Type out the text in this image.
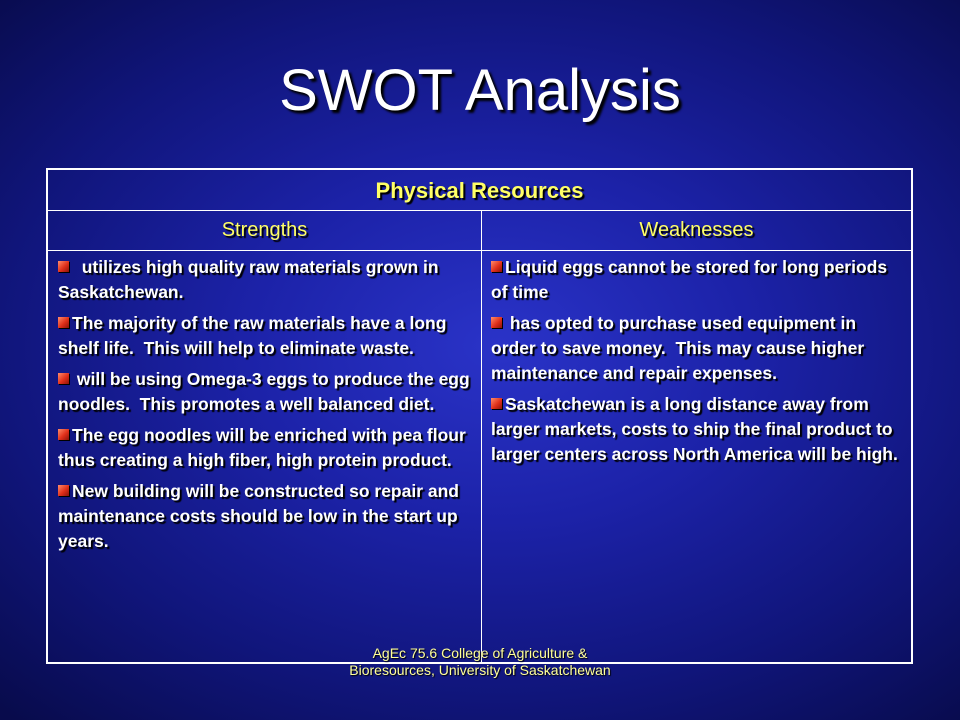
SWOT Analysis
Physical Resources
Strengths	Weaknesses
utilizes high quality raw materials grown in Saskatchewan.
The majority of the raw materials have a long shelf life.  This will help to eliminate waste.
will be using Omega-3 eggs to produce the egg noodles.  This promotes a well balanced diet.
The egg noodles will be enriched with pea flour thus creating a high fiber, high protein product.
New building will be constructed so repair and maintenance costs should be low in the start up years.
Liquid eggs cannot be stored for long periods of time
has opted to purchase used equipment in order to save money.  This may cause higher maintenance and repair expenses.
Saskatchewan is a long distance away from larger markets, costs to ship the final product to larger centers across North America will be high.
AgEc 75.6 College of Agriculture & Bioresources, University of Saskatchewan
